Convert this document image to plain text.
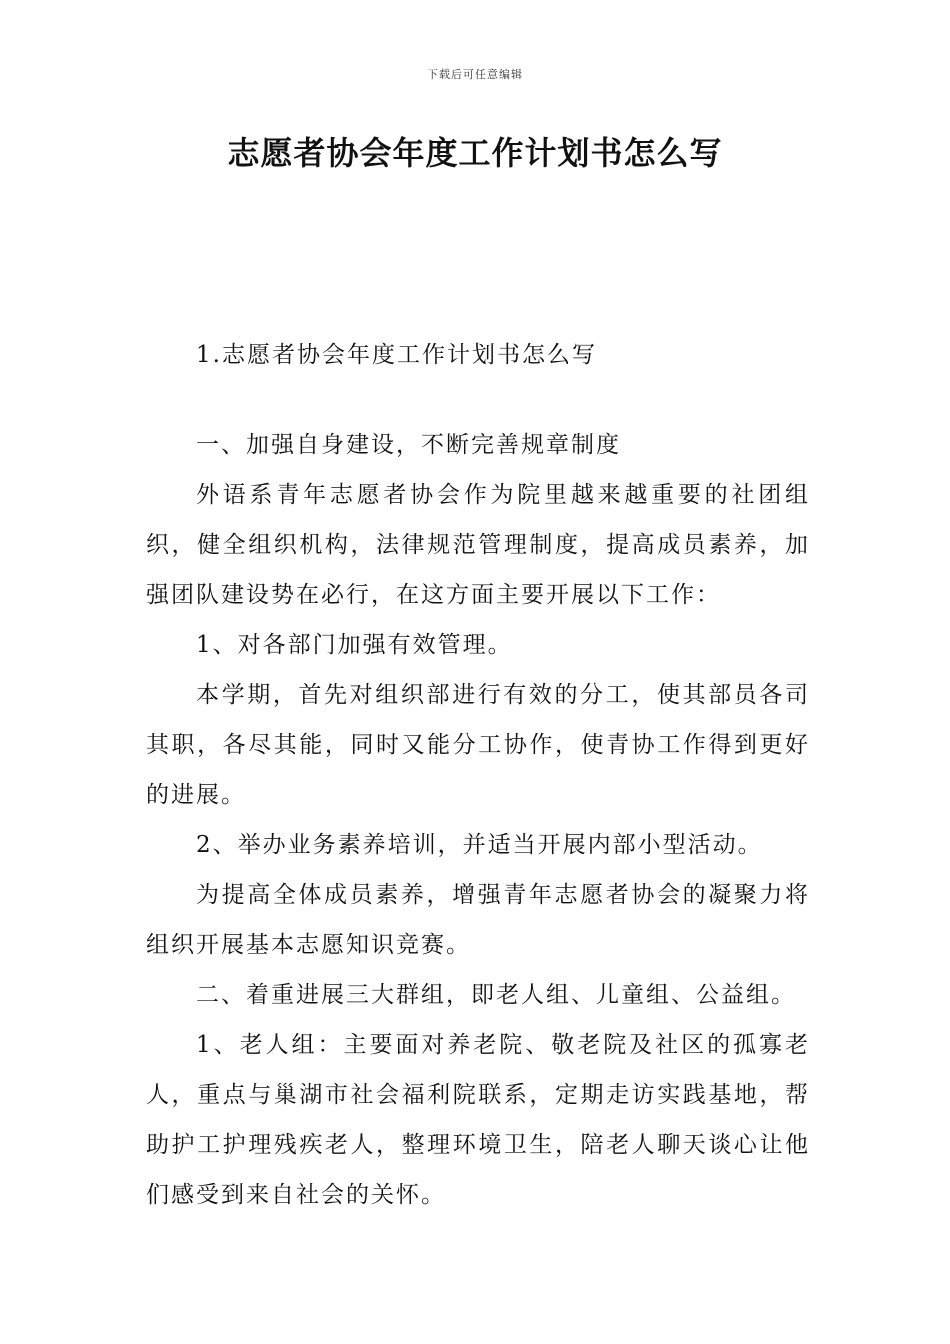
下载后可任意编辑
志愿者协会年度工作计划书怎么写

1.志愿者协会年度工作计划书怎么写

一、加强自身建设，不断完善规章制度

外语系青年志愿者协会作为院里越来越重要的社团组织，健全组织机构，法律规范管理制度，提高成员素养，加强团队建设势在必行，在这方面主要开展以下工作：

1、对各部门加强有效管理。

本学期，首先对组织部进行有效的分工，使其部员各司其职，各尽其能，同时又能分工协作，使青协工作得到更好的进展。

2、举办业务素养培训，并适当开展内部小型活动。

为提高全体成员素养，增强青年志愿者协会的凝聚力将组织开展基本志愿知识竞赛。

二、着重进展三大群组，即老人组、儿童组、公益组。

1、老人组：主要面对养老院、敬老院及社区的孤寡老人，重点与巢湖市社会福利院联系，定期走访实践基地，帮助护工护理残疾老人，整理环境卫生，陪老人聊天谈心让他们感受到来自社会的关怀。
